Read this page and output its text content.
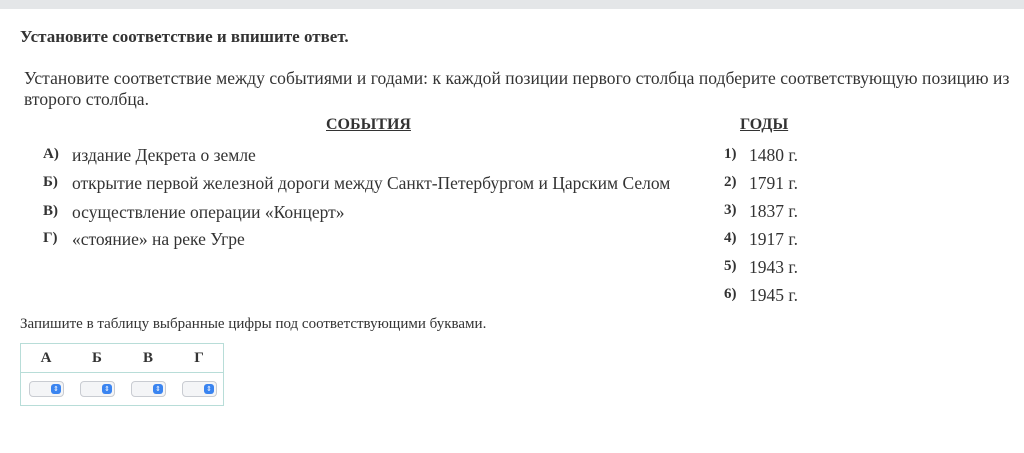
Установите соответствие и впишите ответ.
Установите соответствие между событиями и годами: к каждой позиции первого столбца подберите соответствующую позицию из второго столбца.
СОБЫТИЯ	ГОДЫ
А) издание Декрета о земле
Б) открытие первой железной дороги между Санкт-Петербургом и Царским Селом
В) осуществление операции «Концерт»
Г) «стояние» на реке Угре
1) 1480 г.
2) 1791 г.
3) 1837 г.
4) 1917 г.
5) 1943 г.
6) 1945 г.
Запишите в таблицу выбранные цифры под соответствующими буквами.
А	Б	В	Г
⇕	⇕	⇕	⇕
